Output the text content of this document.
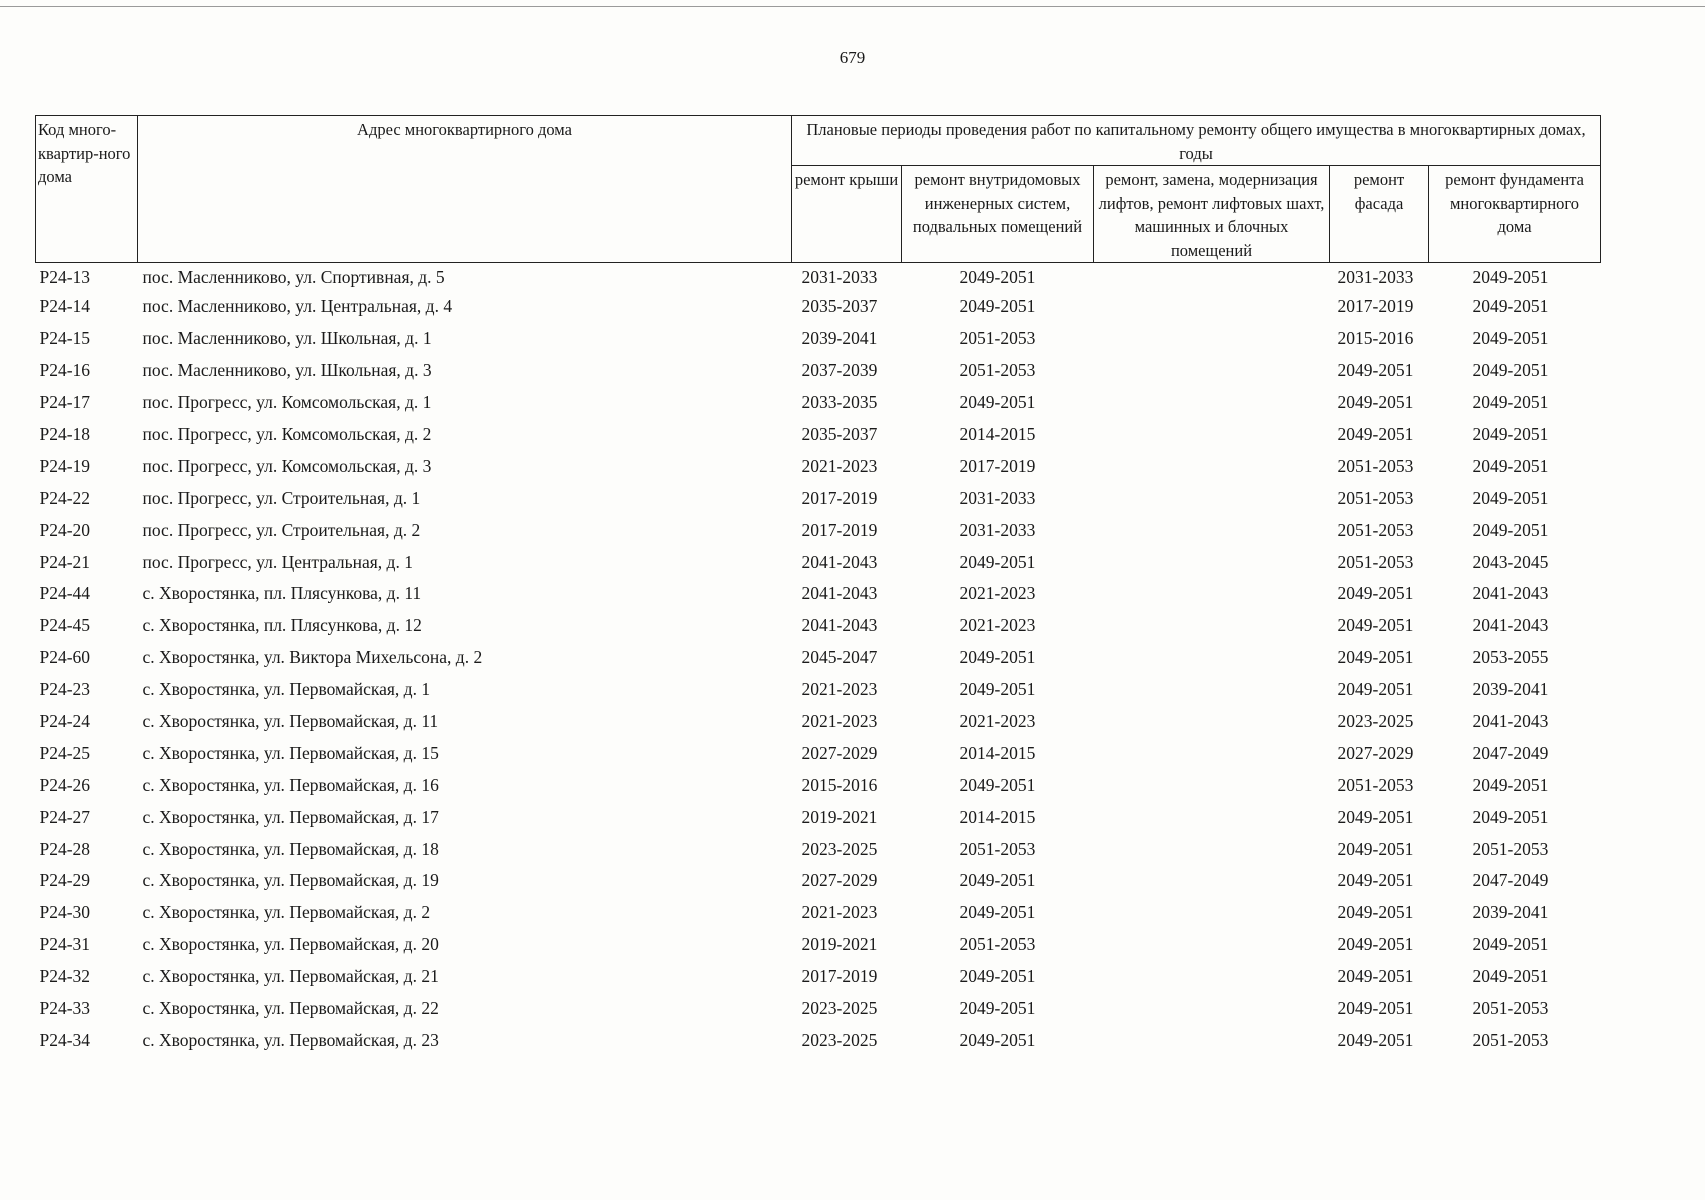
679
Код много-квартир-ного дома	Адрес многоквартирного дома	Плановые периоды проведения работ по капитальному ремонту общего имущества в многоквартирных домах, годы				
		ремонт крыши	ремонт внутридомовых инженерных систем, подвальных помещений	ремонт, замена, модернизация лифтов, ремонт лифтовых шахт, машинных и блочных помещений	ремонт фасада	ремонт фундамента многоквартирного дома
P24-13	пос. Масленниково, ул. Спортивная, д. 5	2031-2033	2049-2051		2031-2033	2049-2051
P24-14	пос. Масленниково, ул. Центральная, д. 4	2035-2037	2049-2051		2017-2019	2049-2051
P24-15	пос. Масленниково, ул. Школьная, д. 1	2039-2041	2051-2053		2015-2016	2049-2051
P24-16	пос. Масленниково, ул. Школьная, д. 3	2037-2039	2051-2053		2049-2051	2049-2051
P24-17	пос. Прогресс, ул. Комсомольская, д. 1	2033-2035	2049-2051		2049-2051	2049-2051
P24-18	пос. Прогресс, ул. Комсомольская, д. 2	2035-2037	2014-2015		2049-2051	2049-2051
P24-19	пос. Прогресс, ул. Комсомольская, д. 3	2021-2023	2017-2019		2051-2053	2049-2051
P24-22	пос. Прогресс, ул. Строительная, д. 1	2017-2019	2031-2033		2051-2053	2049-2051
P24-20	пос. Прогресс, ул. Строительная, д. 2	2017-2019	2031-2033		2051-2053	2049-2051
P24-21	пос. Прогресс, ул. Центральная, д. 1	2041-2043	2049-2051		2051-2053	2043-2045
P24-44	с. Хворостянка, пл. Плясункова, д. 11	2041-2043	2021-2023		2049-2051	2041-2043
P24-45	с. Хворостянка, пл. Плясункова, д. 12	2041-2043	2021-2023		2049-2051	2041-2043
P24-60	с. Хворостянка, ул. Виктора Михельсона, д. 2	2045-2047	2049-2051		2049-2051	2053-2055
P24-23	с. Хворостянка, ул. Первомайская, д. 1	2021-2023	2049-2051		2049-2051	2039-2041
P24-24	с. Хворостянка, ул. Первомайская, д. 11	2021-2023	2021-2023		2023-2025	2041-2043
P24-25	с. Хворостянка, ул. Первомайская, д. 15	2027-2029	2014-2015		2027-2029	2047-2049
P24-26	с. Хворостянка, ул. Первомайская, д. 16	2015-2016	2049-2051		2051-2053	2049-2051
P24-27	с. Хворостянка, ул. Первомайская, д. 17	2019-2021	2014-2015		2049-2051	2049-2051
P24-28	с. Хворостянка, ул. Первомайская, д. 18	2023-2025	2051-2053		2049-2051	2051-2053
P24-29	с. Хворостянка, ул. Первомайская, д. 19	2027-2029	2049-2051		2049-2051	2047-2049
P24-30	с. Хворостянка, ул. Первомайская, д. 2	2021-2023	2049-2051		2049-2051	2039-2041
P24-31	с. Хворостянка, ул. Первомайская, д. 20	2019-2021	2051-2053		2049-2051	2049-2051
P24-32	с. Хворостянка, ул. Первомайская, д. 21	2017-2019	2049-2051		2049-2051	2049-2051
P24-33	с. Хворостянка, ул. Первомайская, д. 22	2023-2025	2049-2051		2049-2051	2051-2053
P24-34	с. Хворостянка, ул. Первомайская, д. 23	2023-2025	2049-2051		2049-2051	2051-2053
